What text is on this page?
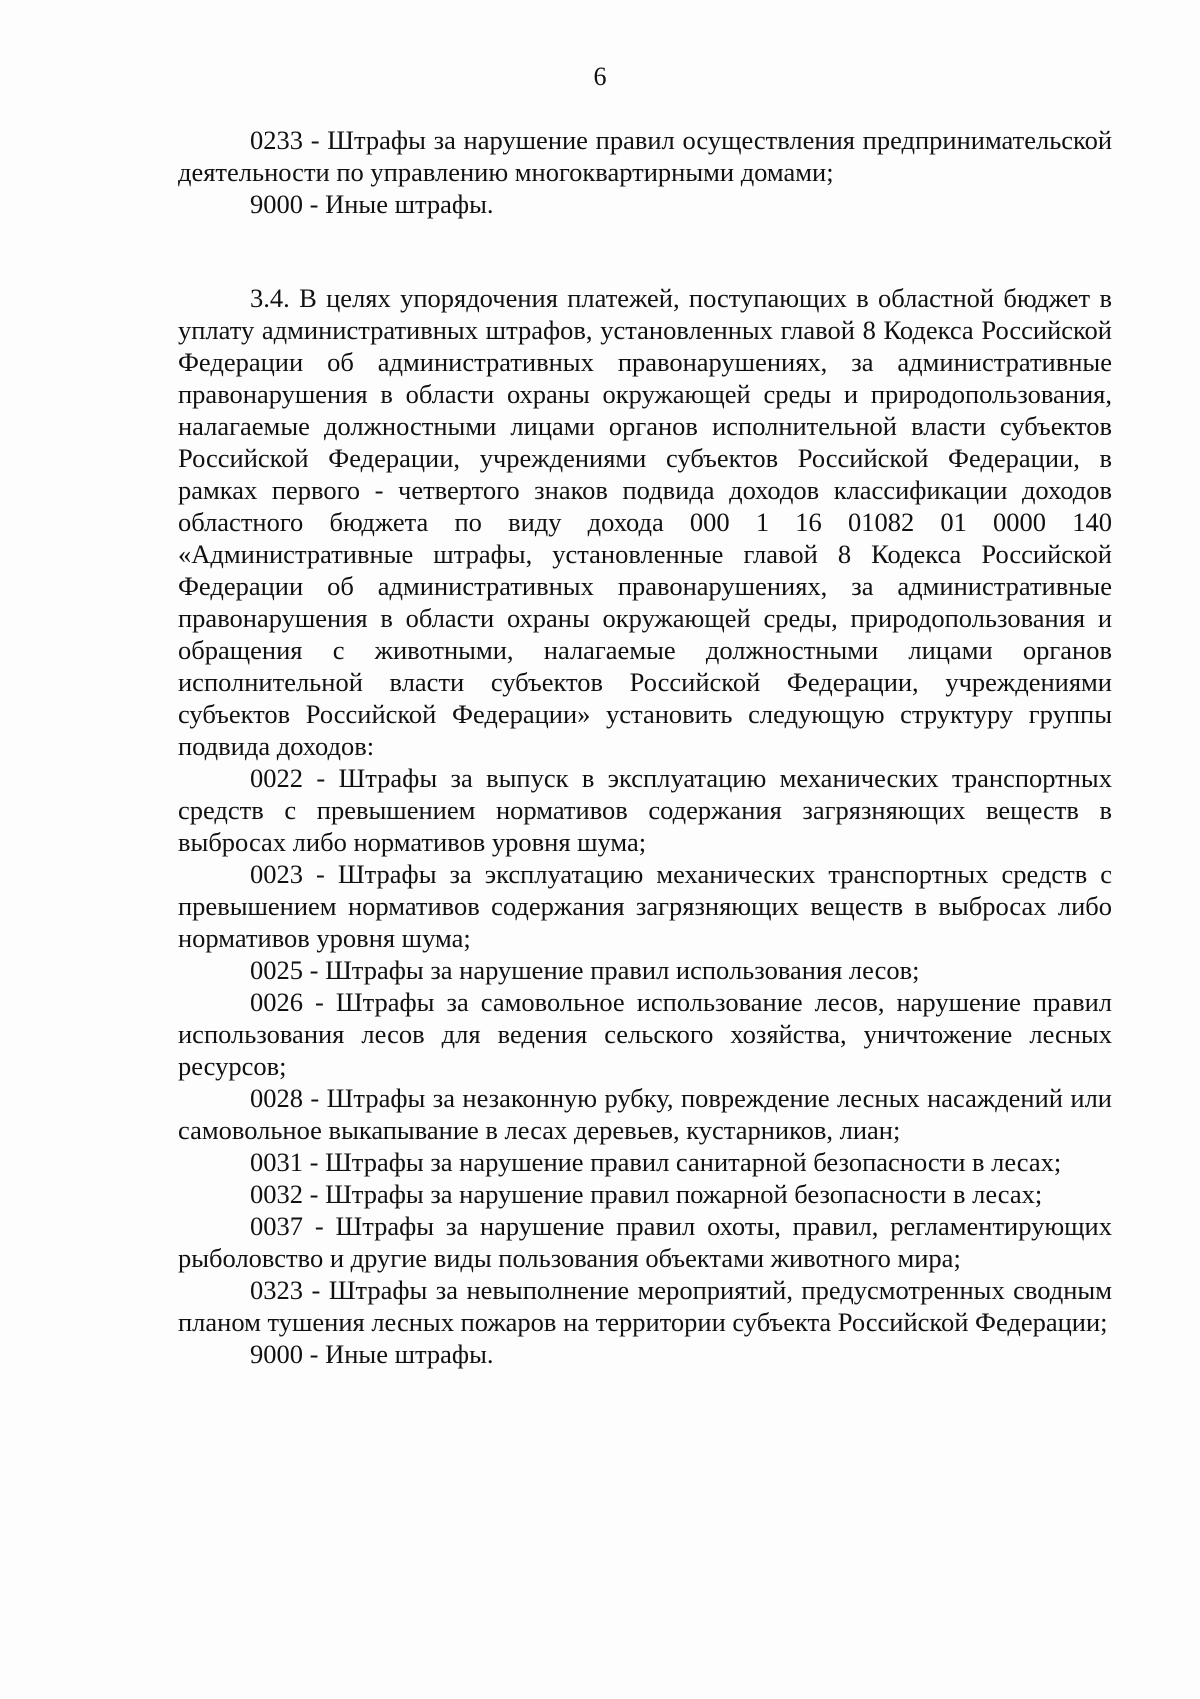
6

0233 - Штрафы за нарушение правил осуществления предпринимательской деятельности по управлению многоквартирными домами;

9000 - Иные штрафы.

3.4. В целях упорядочения платежей, поступающих в областной бюджет в уплату административных штрафов, установленных главой 8 Кодекса Российской Федерации об административных правонарушениях, за административные правонарушения в области охраны окружающей среды и природопользования, налагаемые должностными лицами органов исполнительной власти субъектов Российской Федерации, учреждениями субъектов Российской Федерации, в рамках первого - четвертого знаков подвида доходов классификации доходов областного бюджета по виду дохода 000 1 16 01082 01 0000 140 «Административные штрафы, установленные главой 8 Кодекса Российской Федерации об административных правонарушениях, за административные правонарушения в области охраны окружающей среды, природопользования и обращения с животными, налагаемые должностными лицами органов исполнительной власти субъектов Российской Федерации, учреждениями субъектов Российской Федерации» установить следующую структуру группы подвида доходов:

0022 - Штрафы за выпуск в эксплуатацию механических транспортных средств с превышением нормативов содержания загрязняющих веществ в выбросах либо нормативов уровня шума;

0023 - Штрафы за эксплуатацию механических транспортных средств с превышением нормативов содержания загрязняющих веществ в выбросах либо нормативов уровня шума;

0025 - Штрафы за нарушение правил использования лесов;

0026 - Штрафы за самовольное использование лесов, нарушение правил использования лесов для ведения сельского хозяйства, уничтожение лесных ресурсов;

0028 - Штрафы за незаконную рубку, повреждение лесных насаждений или самовольное выкапывание в лесах деревьев, кустарников, лиан;

0031 - Штрафы за нарушение правил санитарной безопасности в лесах;

0032 - Штрафы за нарушение правил пожарной безопасности в лесах;

0037 - Штрафы за нарушение правил охоты, правил, регламентирующих рыболовство и другие виды пользования объектами животного мира;

0323 - Штрафы за невыполнение мероприятий, предусмотренных сводным планом тушения лесных пожаров на территории субъекта Российской Федерации;

9000 - Иные штрафы.
